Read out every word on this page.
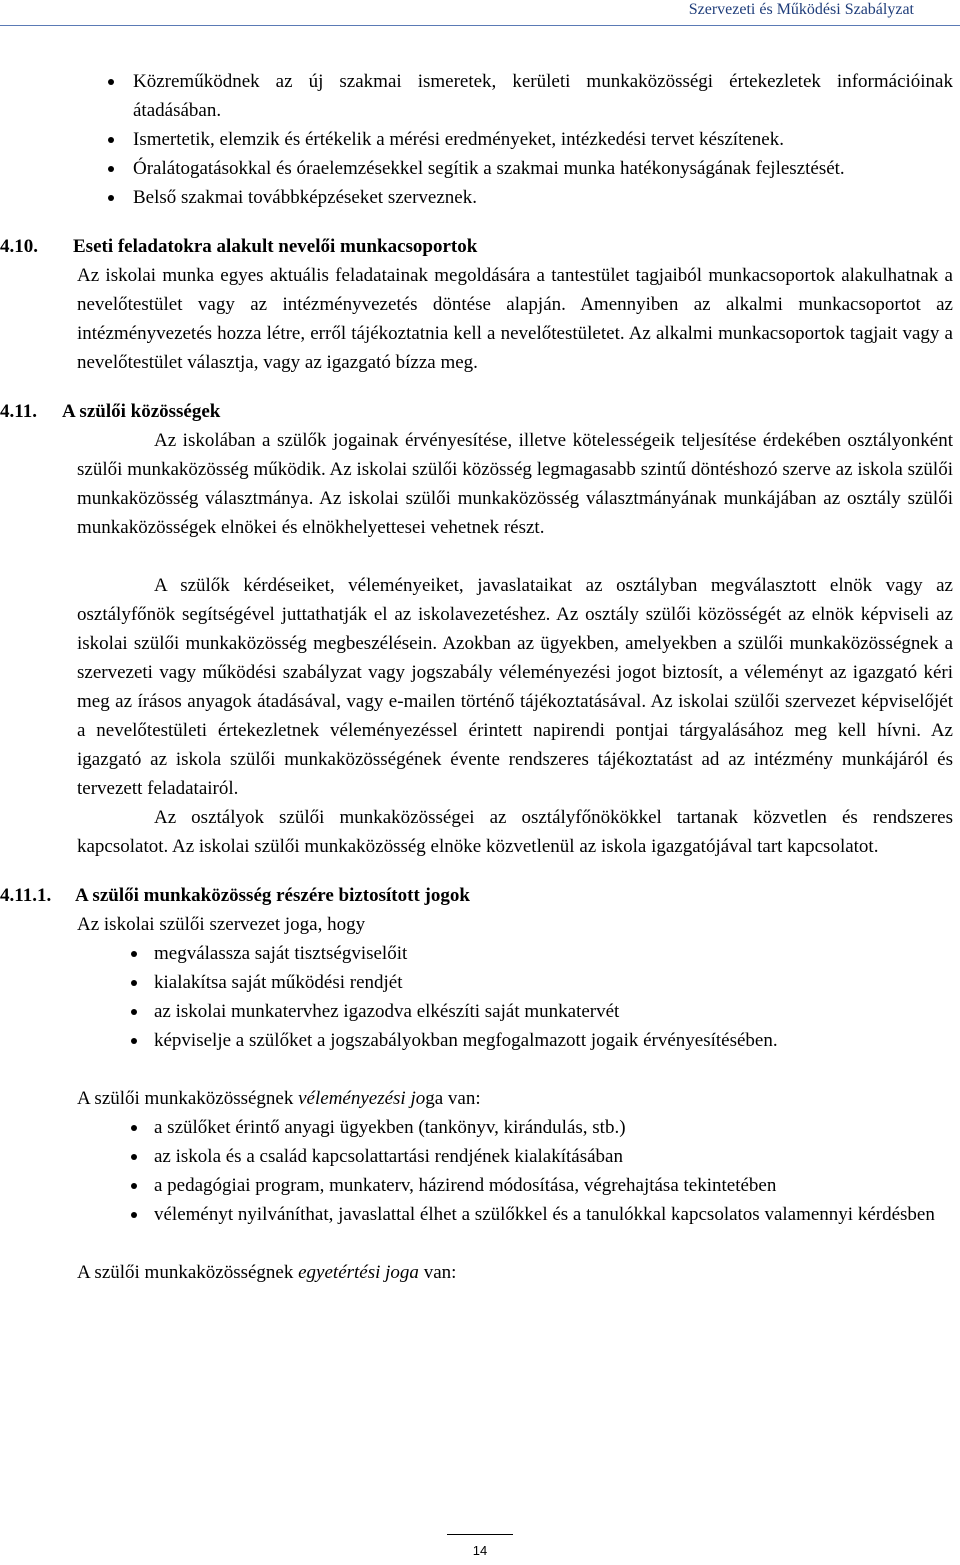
Szervezeti és Működési Szabályzat
Közreműködnek az új szakmai ismeretek, kerületi munkaközösségi értekezletek információinak átadásában.
Ismertetik, elemzik és értékelik a mérési eredményeket, intézkedési tervet készítenek.
Óralátogatásokkal és óraelemzésekkel segítik a szakmai munka hatékonyságának fejlesztését.
Belső szakmai továbbképzéseket szerveznek.
4.10.	Eseti feladatokra alakult nevelői munkacsoportok

Az iskolai munka egyes aktuális feladatainak megoldására a tantestület tagjaiból munkacsoportok alakulhatnak a nevelőtestület vagy az intézményvezetés döntése alapján. Amennyiben az alkalmi munkacsoportot az intézményvezetés hozza létre, erről tájékoztatnia kell a nevelőtestületet. Az alkalmi munkacsoportok tagjait vagy a nevelőtestület választja, vagy az igazgató bízza meg.

4.11.	A szülői közösségek

Az iskolában a szülők jogainak érvényesítése, illetve kötelességeik teljesítése érdekében osztályonként szülői munkaközösség működik. Az iskolai szülői közösség legmagasabb szintű döntéshozó szerve az iskola szülői munkaközösség választmánya. Az iskolai szülői munkaközösség választmányának munkájában az osztály szülői munkaközösségek elnökei és elnökhelyettesei vehetnek részt.

A szülők kérdéseiket, véleményeiket, javaslataikat az osztályban megválasztott elnök vagy az osztályfőnök segítségével juttathatják el az iskolavezetéshez. Az osztály szülői közösségét az elnök képviseli az iskolai szülői munkaközösség megbeszélésein. Azokban az ügyekben, amelyekben a szülői munkaközösségnek a szervezeti vagy működési szabályzat vagy jogszabály véleményezési jogot biztosít, a véleményt az igazgató kéri meg az írásos anyagok átadásával, vagy e-mailen történő tájékoztatásával. Az iskolai szülői szervezet képviselőjét a nevelőtestületi értekezletnek véleményezéssel érintett napirendi pontjai tárgyalásához meg kell hívni. Az igazgató az iskola szülői munkaközösségének évente rendszeres tájékoztatást ad az intézmény munkájáról és tervezett feladatairól.

Az osztályok szülői munkaközösségei az osztályfőnökökkel tartanak közvetlen és rendszeres kapcsolatot. Az iskolai szülői munkaközösség elnöke közvetlenül az iskola igazgatójával tart kapcsolatot.

4.11.1.	A szülői munkaközösség részére biztosított jogok

Az iskolai szülői szervezet joga, hogy

megválassza saját tisztségviselőit
kialakítsa saját működési rendjét
az iskolai munkatervhez igazodva elkészíti saját munkatervét
képviselje a szülőket a jogszabályokban megfogalmazott jogaik érvényesítésében.

A szülői munkaközösségnek véleményezési joga van:

a szülőket érintő anyagi ügyekben (tankönyv, kirándulás, stb.)
az iskola és a család kapcsolattartási rendjének kialakításában
a pedagógiai program, munkaterv, házirend módosítása, végrehajtása tekintetében
véleményt nyilváníthat, javaslattal élhet a szülőkkel és a tanulókkal kapcsolatos valamennyi kérdésben

A szülői munkaközösségnek egyetértési joga van:

14
